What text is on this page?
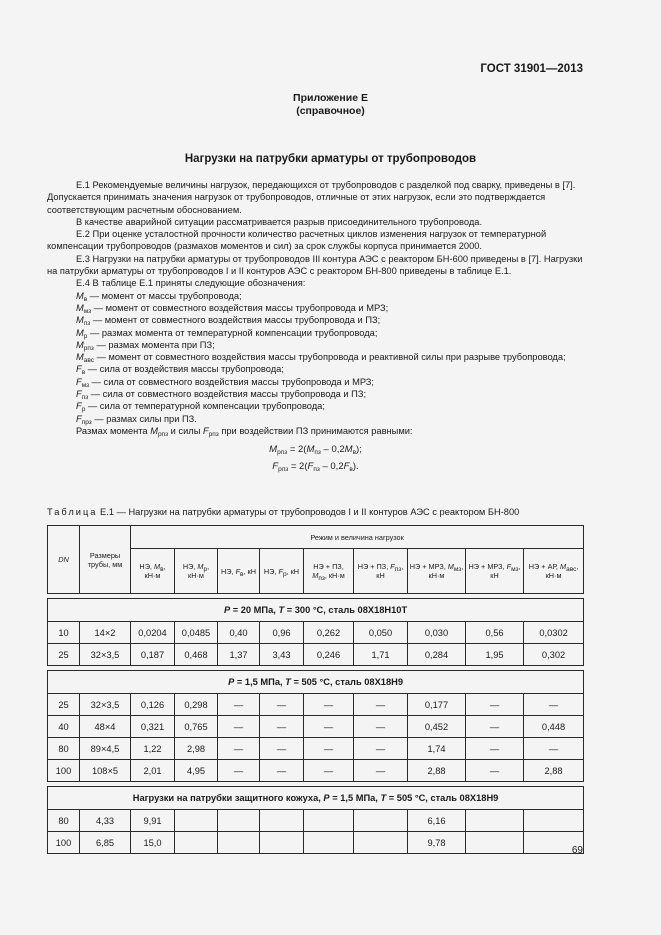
ГОСТ 31901—2013
Приложение Е
(справочное)
Нагрузки на патрубки арматуры от трубопроводов

Е.1 Рекомендуемые величины нагрузок, передающихся от трубопроводов с разделкой под сварку, приведены в [7]. Допускается принимать значения нагрузок от трубопроводов, отличные от этих нагрузок, если это подтверждается соответствующим расчетным обоснованием.

В качестве аварийной ситуации рассматривается разрыв присоединительного трубопровода.

Е.2 При оценке усталостной прочности количество расчетных циклов изменения нагрузок от температурной компенсации трубопроводов (размахов моментов и сил) за срок службы корпуса принимается 2000.

Е.3 Нагрузки на патрубки арматуры от трубопроводов III контура АЭС с реактором БН-600 приведены в [7]. Нагрузки на патрубки арматуры от трубопроводов I и II контуров АЭС с реактором БН-800 приведены в таблице Е.1.

Е.4 В таблице Е.1 приняты следующие обозначения:

$M_в$ — момент от массы трубопровода;

$M_{мз}$ — момент от совместного воздействия массы трубопровода и МРЗ;

$M_{пз}$ — момент от совместного воздействия массы трубопровода и ПЗ;

$M_р$ — размах момента от температурной компенсации трубопровода;

$M_{рпз}$ — размах момента при ПЗ;

$M_{авс}$ — момент от совместного воздействия массы трубопровода и реактивной силы при разрыве трубопровода;

$F_в$ — сила от воздействия массы трубопровода;

$F_{мз}$ — сила от совместного воздействия массы трубопровода и МРЗ;

$F_{пз}$ — сила от совместного воздействия массы трубопровода и ПЗ;

$F_р$ — сила от температурной компенсации трубопровода;

$F_{прз}$ — размах силы при ПЗ.

Размах момента $M_{рпз}$ и силы $F_{рпз}$ при воздействии ПЗ принимаются равными:

$M_{рпз} = 2(M_{пз} - 0,2M_в)$;

$F_{рпз} = 2(F_{пз} - 0,2F_в)$.

Таблица Е.1 — Нагрузки на патрубки арматуры от трубопроводов I и II контуров АЭС с реактором БН-800
DN	Размеры трубы, мм	Режим и величина нагрузок								
		НЭ, $M_в$, кН·м	НЭ, $M_р$, кН·м	НЭ, $F_в$, кН	НЭ, $F_р$, кН	НЭ + ПЗ, $M_{пз}$, кН·м	НЭ + ПЗ, $F_{пз}$, кН	НЭ + МРЗ, $M_{мз}$, кН·м	НЭ + МРЗ, $F_{мз}$, кН	НЭ + АР, $M_{авс}$, кН·м

P = 20 МПа, T = 300 °С, сталь 08Х18Н10Т										
10	14×2	0,0204	0,0485	0,40	0,96	0,262	0,050	0,030	0,56	0,0302
25	32×3,5	0,187	0,468	1,37	3,43	0,246	1,71	0,284	1,95	0,302

P = 1,5 МПа, T = 505 °С, сталь 08Х18Н9										
25	32×3,5	0,126	0,298	—	—	—	—	0,177	—	—
40	48×4	0,321	0,765	—	—	—	—	0,452	—	0,448
80	89×4,5	1,22	2,98	—	—	—	—	1,74	—	—
100	108×5	2,01	4,95	—	—	—	—	2,88	—	2,88

Нагрузки на патрубки защитного кожуха, P = 1,5 МПа, T = 505 °С, сталь 08Х18Н9										
80	4,33	9,91						6,16		
100	6,85	15,0						9,78		
69
